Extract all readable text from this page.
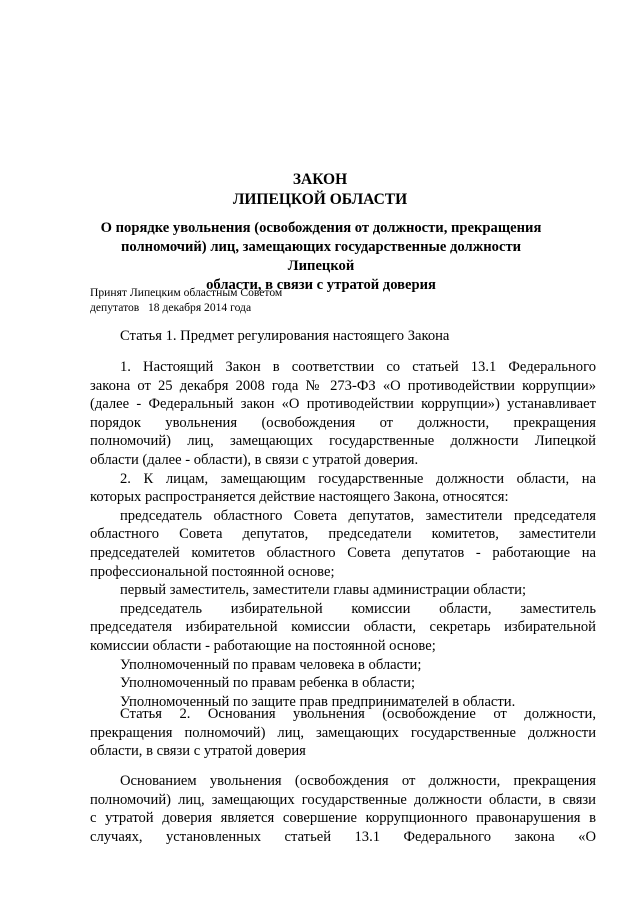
ЗАКОН
ЛИПЕЦКОЙ ОБЛАСТИ
О порядке увольнения (освобождения от должности, прекращения
полномочий) лиц, замещающих государственные должности Липецкой
области, в связи с утратой доверия
Принят Липецким областным Советом
депутатов   18 декабря 2014 года
Статья 1. Предмет регулирования настоящего Закона
1. Настоящий Закон в соответствии со статьей 13.1 Федерального
закона от 25 декабря 2008 года № 273-ФЗ «О противодействии коррупции»
(далее - Федеральный закон «О противодействии коррупции») устанавливает
порядок увольнения (освобождения от должности, прекращения
полномочий) лиц, замещающих государственные должности Липецкой
области (далее - области), в связи с утратой доверия.
2. К лицам, замещающим государственные должности области, на
которых распространяется действие настоящего Закона, относятся:
председатель областного Совета депутатов, заместители председателя
областного Совета депутатов, председатели комитетов, заместители
председателей комитетов областного Совета депутатов - работающие на
профессиональной постоянной основе;
первый заместитель, заместители главы администрации области;
председатель избирательной комиссии области, заместитель
председателя избирательной комиссии области, секретарь избирательной
комиссии области - работающие на постоянной основе;
Уполномоченный по правам человека в области;
Уполномоченный по правам ребенка в области;
Уполномоченный по защите прав предпринимателей в области.
Статья 2. Основания увольнения (освобождение от должности,
прекращения полномочий) лиц, замещающих государственные должности
области, в связи с утратой доверия
Основанием увольнения (освобождения от должности, прекращения
полномочий) лиц, замещающих государственные должности области, в связи
с утратой доверия является совершение коррупционного правонарушения в
случаях, установленных статьей 13.1 Федерального закона «О
